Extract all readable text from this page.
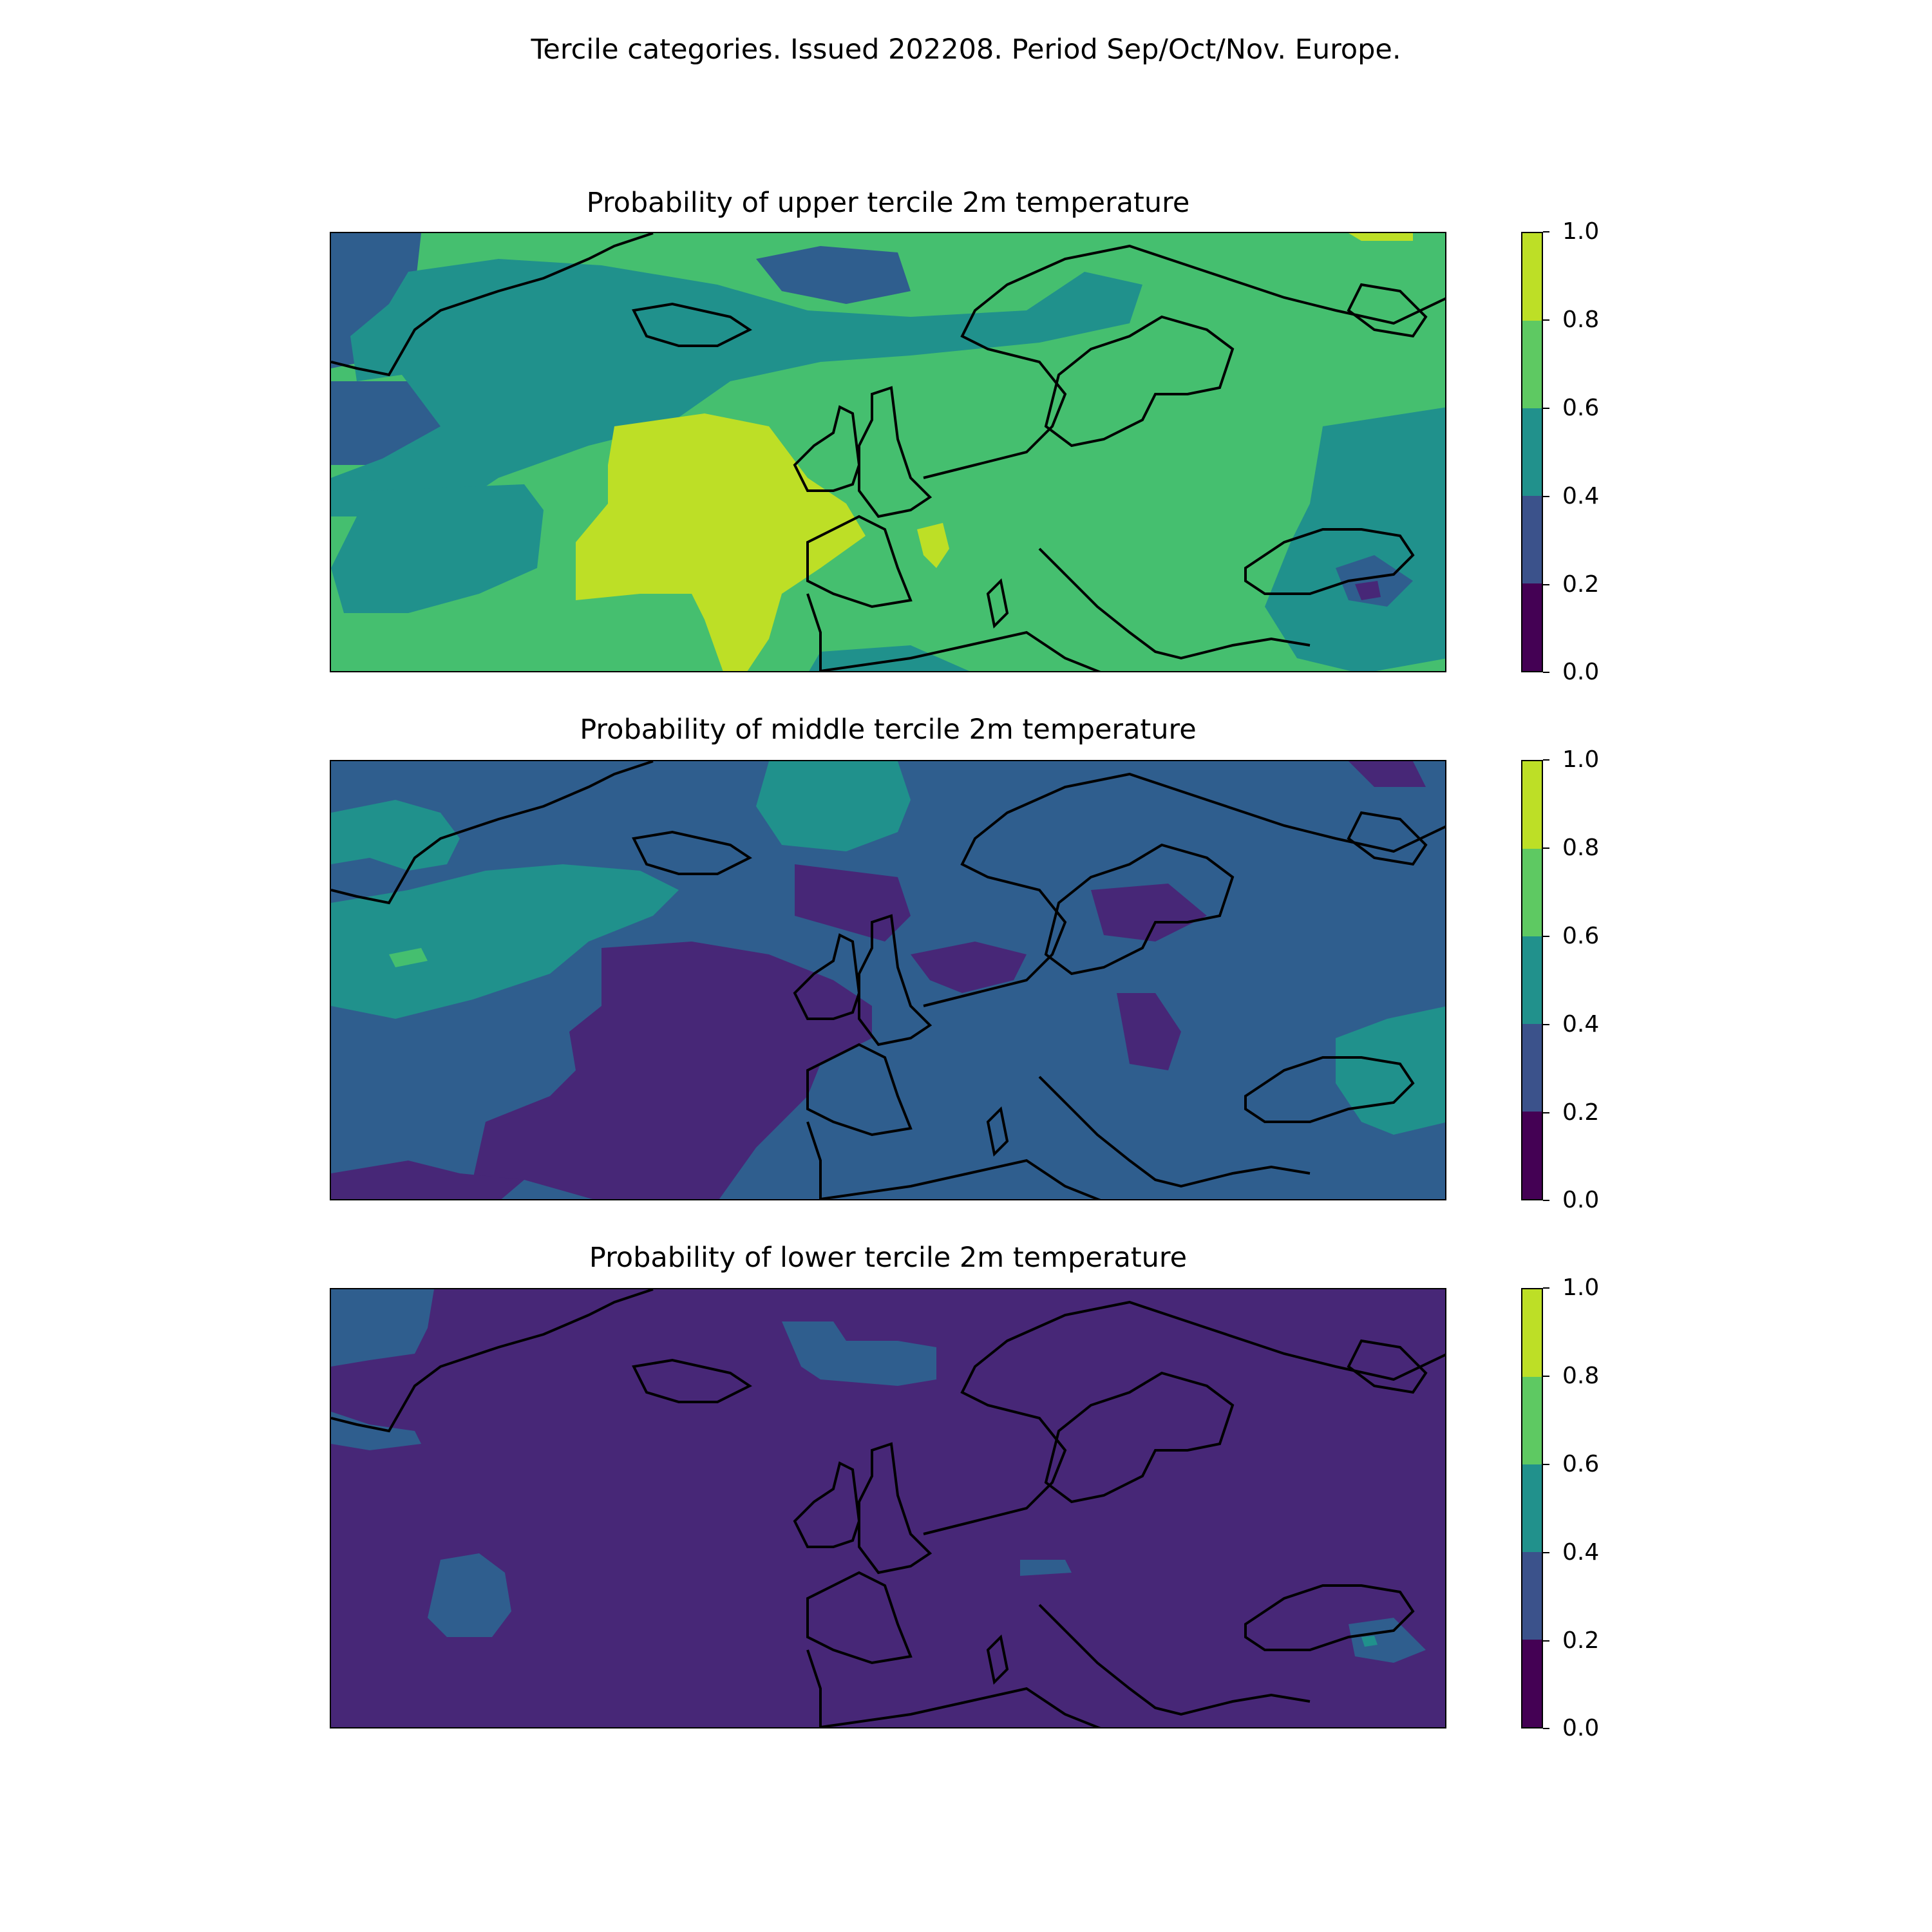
Tercile categories. Issued 202208. Period Sep/Oct/Nov. Europe.
Probability of upper tercile 2m temperature
1.0
0.8
0.6
0.4
0.2
0.0
Probability of middle tercile 2m temperature
1.0
0.8
0.6
0.4
0.2
0.0
Probability of lower tercile 2m temperature
1.0
0.8
0.6
0.4
0.2
0.0
